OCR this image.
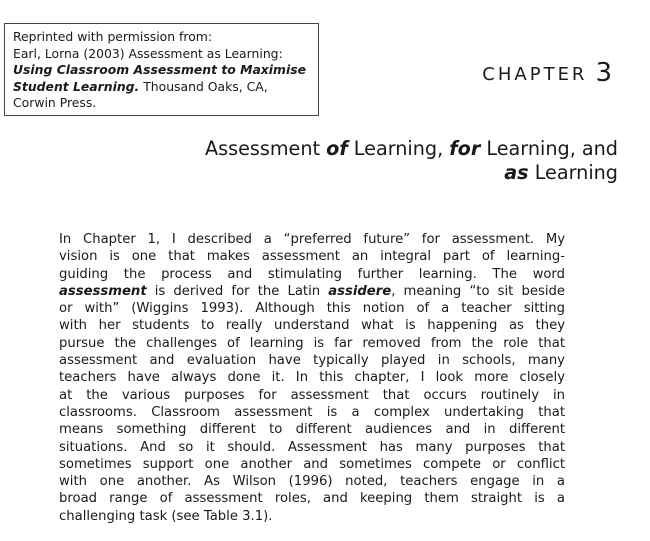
Reprinted with permission from:
Earl, Lorna (2003) Assessment as Learning:
Using Classroom Assessment to Maximise
Student Learning. Thousand Oaks, CA,
Corwin Press.
CHAPTER 3
Assessment of Learning, for Learning, and
as Learning
In Chapter 1, I described a “preferred future” for assessment. My
vision is one that makes assessment an integral part of learning-
guiding the process and stimulating further learning. The word
assessment is derived for the Latin assidere, meaning “to sit beside
or with” (Wiggins 1993). Although this notion of a teacher sitting
with her students to really understand what is happening as they
pursue the challenges of learning is far removed from the role that
assessment and evaluation have typically played in schools, many
teachers have always done it. In this chapter, I look more closely
at the various purposes for assessment that occurs routinely in
classrooms. Classroom assessment is a complex undertaking that
means something different to different audiences and in different
situations. And so it should. Assessment has many purposes that
sometimes support one another and sometimes compete or conflict
with one another. As Wilson (1996) noted, teachers engage in a
broad range of assessment roles, and keeping them straight is a
challenging task (see Table 3.1).
